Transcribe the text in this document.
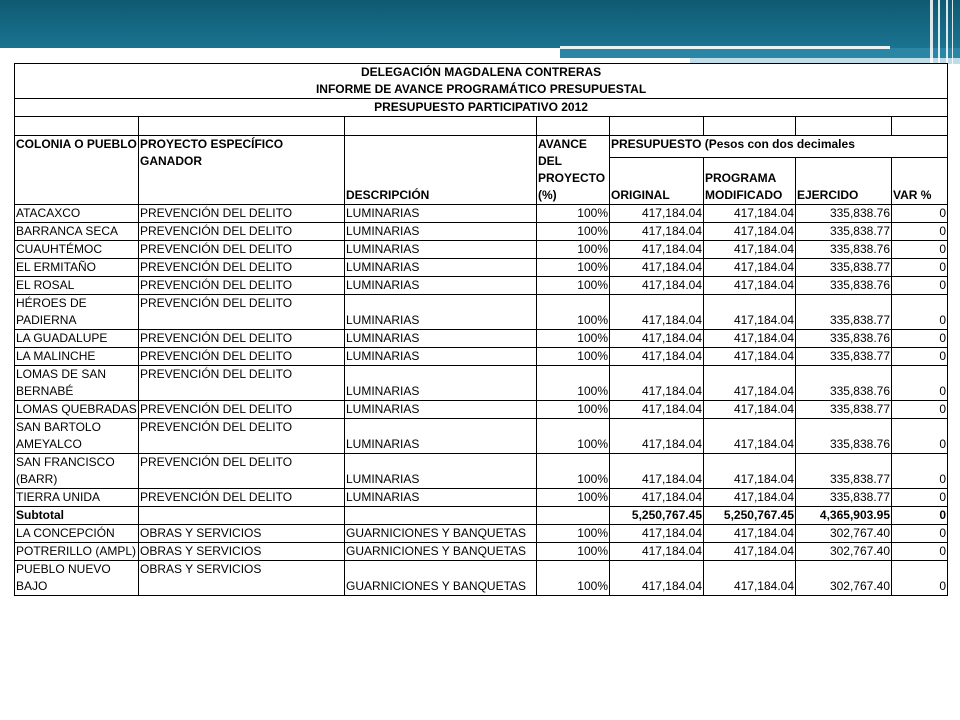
DELEGACIÓN MAGDALENA CONTRERAS
INFORME DE AVANCE PROGRAMÁTICO PRESUPUESTAL							

PRESUPUESTO PARTICIPATIVO 2012							

COLONIA O PUEBLO	PROYECTO ESPECÍFICO GANADOR	DESCRIPCIÓN	AVANCE DEL PROYECTO (%)	PRESUPUESTO (Pesos con dos decimales			
				ORIGINAL	PROGRAMA MODIFICADO	EJERCIDO	VAR %
ATACAXCO	PREVENCIÓN DEL DELITO	LUMINARIAS	100%	417,184.04	417,184.04	335,838.76	0
BARRANCA SECA	PREVENCIÓN DEL DELITO	LUMINARIAS	100%	417,184.04	417,184.04	335,838.77	0
CUAUHTÉMOC	PREVENCIÓN DEL DELITO	LUMINARIAS	100%	417,184.04	417,184.04	335,838.76	0
EL ERMITAÑO	PREVENCIÓN DEL DELITO	LUMINARIAS	100%	417,184.04	417,184.04	335,838.77	0
EL ROSAL	PREVENCIÓN DEL DELITO	LUMINARIAS	100%	417,184.04	417,184.04	335,838.76	0
HÉROES DE PADIERNA	PREVENCIÓN DEL DELITO	LUMINARIAS	100%	417,184.04	417,184.04	335,838.77	0
LA GUADALUPE	PREVENCIÓN DEL DELITO	LUMINARIAS	100%	417,184.04	417,184.04	335,838.76	0
LA MALINCHE	PREVENCIÓN DEL DELITO	LUMINARIAS	100%	417,184.04	417,184.04	335,838.77	0
LOMAS DE SAN BERNABÉ	PREVENCIÓN DEL DELITO	LUMINARIAS	100%	417,184.04	417,184.04	335,838.76	0
LOMAS QUEBRADAS	PREVENCIÓN DEL DELITO	LUMINARIAS	100%	417,184.04	417,184.04	335,838.77	0
SAN BARTOLO AMEYALCO	PREVENCIÓN DEL DELITO	LUMINARIAS	100%	417,184.04	417,184.04	335,838.76	0
SAN FRANCISCO (BARR)	PREVENCIÓN DEL DELITO	LUMINARIAS	100%	417,184.04	417,184.04	335,838.77	0
TIERRA UNIDA	PREVENCIÓN DEL DELITO	LUMINARIAS	100%	417,184.04	417,184.04	335,838.77	0
Subtotal				5,250,767.45	5,250,767.45	4,365,903.95	0
LA CONCEPCIÓN	OBRAS Y SERVICIOS	GUARNICIONES Y BANQUETAS	100%	417,184.04	417,184.04	302,767.40	0
POTRERILLO (AMPL)	OBRAS Y SERVICIOS	GUARNICIONES Y BANQUETAS	100%	417,184.04	417,184.04	302,767.40	0
PUEBLO NUEVO BAJO	OBRAS Y SERVICIOS	GUARNICIONES Y BANQUETAS	100%	417,184.04	417,184.04	302,767.40	0
